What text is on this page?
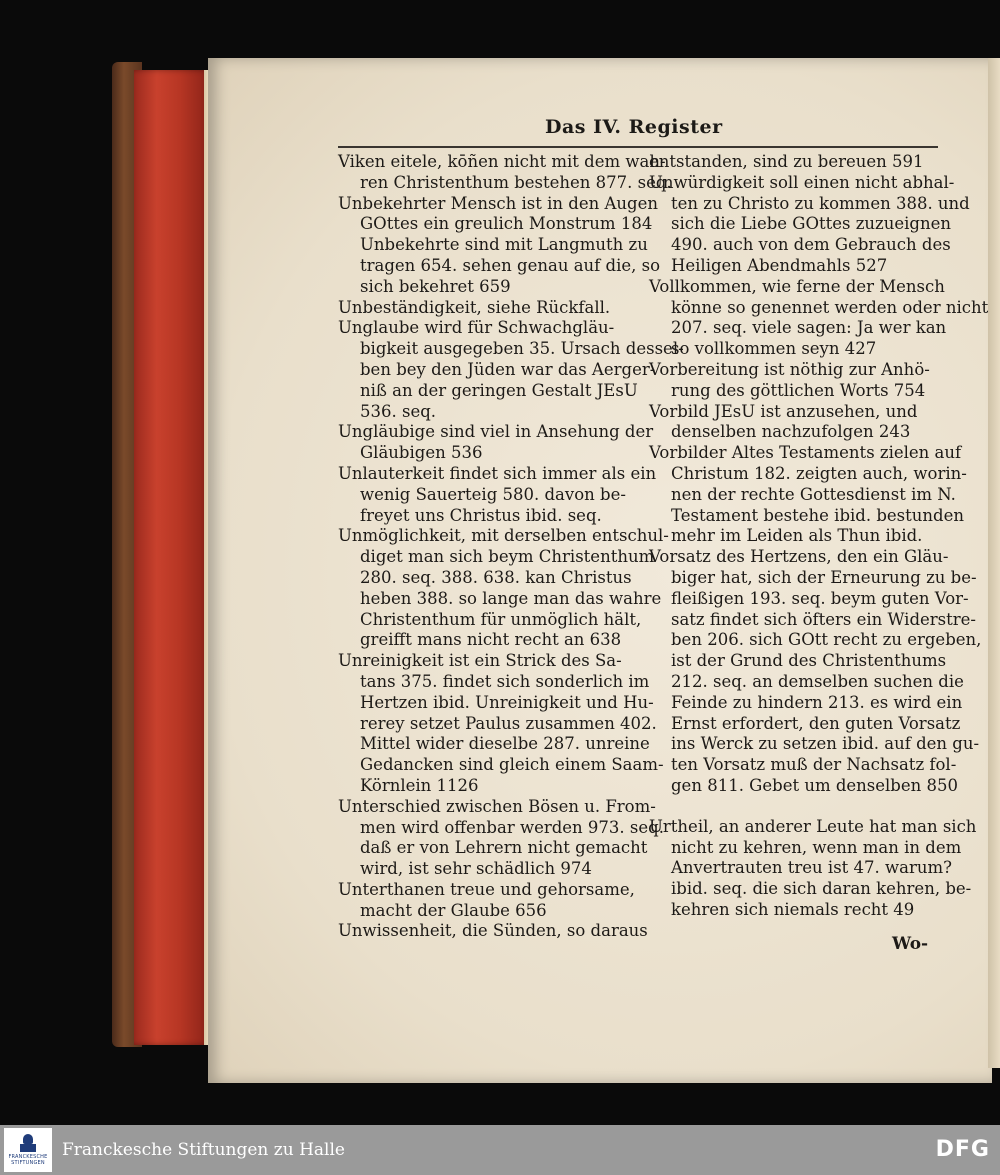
Das IV. Register
Viken eitele, kōñen nicht mit dem wah-
ren Christenthum bestehen 877. seq.
Unbekehrter Mensch ist in den Augen
GOttes ein greulich Monstrum 184
Unbekehrte sind mit Langmuth zu
tragen 654. sehen genau auf die, so
sich bekehret 659
Unbeständigkeit, siehe Rückfall.
Unglaube wird für Schwachgläu-
bigkeit ausgegeben 35. Ursach dessel-
ben bey den Jüden war das Aerger-
niß an der geringen Gestalt JEsU
536. seq.
Ungläubige sind viel in Ansehung der
Gläubigen 536
Unlauterkeit findet sich immer als ein
wenig Sauerteig 580. davon be-
freyet uns Christus ibid. seq.
Unmöglichkeit, mit derselben entschul-
diget man sich beym Christenthum
280. seq. 388. 638. kan Christus
heben 388. so lange man das wahre
Christenthum für unmöglich hält,
greifft mans nicht recht an 638
Unreinigkeit ist ein Strick des Sa-
tans 375. findet sich sonderlich im
Hertzen ibid. Unreinigkeit und Hu-
rerey setzet Paulus zusammen 402.
Mittel wider dieselbe 287. unreine
Gedancken sind gleich einem Saam-
Körnlein 1126
Unterschied zwischen Bösen u. From-
men wird offenbar werden 973. seq.
daß er von Lehrern nicht gemacht
wird, ist sehr schädlich 974
Unterthanen treue und gehorsame,
macht der Glaube 656
Unwissenheit, die Sünden, so daraus
entstanden, sind zu bereuen 591
Unwürdigkeit soll einen nicht abhal-
ten zu Christo zu kommen 388. und
sich die Liebe GOttes zuzueignen
490. auch von dem Gebrauch des
Heiligen Abendmahls 527
Vollkommen, wie ferne der Mensch
könne so genennet werden oder nicht
207. seq. viele sagen: Ja wer kan
so vollkommen seyn 427
Vorbereitung ist nöthig zur Anhö-
rung des göttlichen Worts 754
Vorbild JEsU ist anzusehen, und
denselben nachzufolgen 243
Vorbilder Altes Testaments zielen auf
Christum 182. zeigten auch, worin-
nen der rechte Gottesdienst im N.
Testament bestehe ibid. bestunden
mehr im Leiden als Thun ibid.
Vorsatz des Hertzens, den ein Gläu-
biger hat, sich der Erneurung zu be-
fleißigen 193. seq. beym guten Vor-
satz findet sich öfters ein Widerstre-
ben 206. sich GOtt recht zu ergeben,
ist der Grund des Christenthums
212. seq. an demselben suchen die
Feinde zu hindern 213. es wird ein
Ernst erfordert, den guten Vorsatz
ins Werck zu setzen ibid. auf den gu-
ten Vorsatz muß der Nachsatz fol-
gen 811. Gebet um denselben 850
Urtheil, an anderer Leute hat man sich
nicht zu kehren, wenn man in dem
Anvertrauten treu ist 47. warum?
ibid. seq. die sich daran kehren, be-
kehren sich niemals recht 49
Wo-
FRANCKESCHE STIFTUNGEN
Franckesche Stiftungen zu Halle	DFG
